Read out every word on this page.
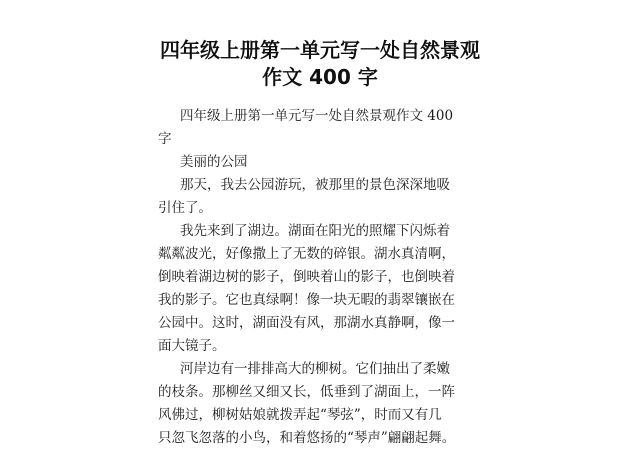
四年级上册第一单元写一处自然景观
作文 400 字
四年级上册第一单元写一处自然景观作文 400
字
美丽的公园
那天，我去公园游玩，被那里的景色深深地吸
引住了。
我先来到了湖边。湖面在阳光的照耀下闪烁着
粼粼波光，好像撒上了无数的碎银。湖水真清啊，
倒映着湖边树的影子，倒映着山的影子，也倒映着
我的影子。它也真绿啊！像一块无暇的翡翠镶嵌在
公园中。这时，湖面没有风，那湖水真静啊，像一
面大镜子。
河岸边有一排排高大的柳树。它们抽出了柔嫩
的枝条。那柳丝又细又长，低垂到了湖面上，一阵
风佛过，柳树姑娘就拨弄起“琴弦”，时而又有几
只忽飞忽落的小鸟，和着悠扬的“琴声”翩翩起舞。
